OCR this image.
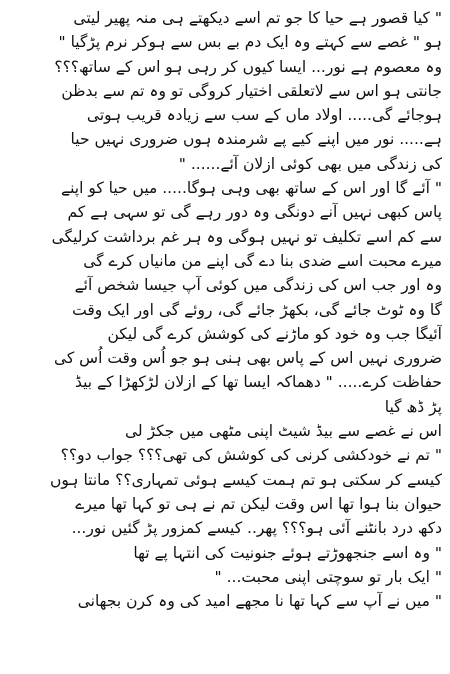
" کیا قصور ہے حیا کا جو تم اسے دیکھتے ہی منہ پھیر لیتی
ہو " غصے سے کہتے وہ ایک دم بے بس سے ہوکر نرم پڑگیا "
وہ معصوم ہے نور... ایسا کیوں کر رہی ہو اس کے ساتھ؟؟؟
جانتی ہو اس سے لاتعلقی اختیار کروگی تو وہ تم سے بدظن
ہوجائے گی..... اولاد ماں کے سب سے زیادہ قریب ہوتی
ہے..... نور میں اپنے کیے پے شرمندہ ہوں ضروری نہیں حیا
کی زندگی میں بھی کوئی ازلان آئے...... "
" آئے گا اور اس کے ساتھ بھی وہی ہوگا..... میں حیا کو اپنے
پاس کبھی نہیں آنے دونگی وہ دور رہے گی تو سہی ہے کم
سے کم اسے تکلیف تو نہیں ہوگی وہ ہر غم برداشت کرلیگی
میرے محبت اسے ضدی بنا دے گی اپنے من مانیاں کرے گی
وہ اور جب اس کی زندگی میں کوئی آپ جیسا شخص آئے
گا وہ ٹوٹ جائے گی، بکھڑ جائے گی، روئے گی اور ایک وقت
آئیگا جب وہ خود کو ماڑنے کی کوشش کرے گی لیکن
ضروری نہیں اس کے پاس بھی ہنی ہو جو اُس وقت اُس کی
حفاظت کرے..... " دھماکہ ایسا تھا کے ازلان لڑکھڑا کے بیڈ
پڑ ڈھ گیا
اس نے غصے سے بیڈ شیٹ اپنی مٹھی میں جکڑ لی
" تم نے خودکشی کرنی کی کوشش کی تھی؟؟؟ جواب دو؟؟
کیسے کر سکتی ہو تم ہمت کیسے ہوئی تمہاری؟؟ مانتا ہوں
حیوان بنا ہوا تھا اس وقت لیکن تم نے ہی تو کہا تھا میرے
دکھ درد بانٹنے آئی ہو؟؟؟ پھر.. کیسے کمزور پڑ گئیں نور...
" وہ اسے جنجھوڑتے ہوئے جنونیت کی انتہا پے تھا
" ایک بار تو سوچتی اپنی محبت... "
" میں نے آپ سے کہا تھا نا مجھے امید کی وہ کرن بجھانی
